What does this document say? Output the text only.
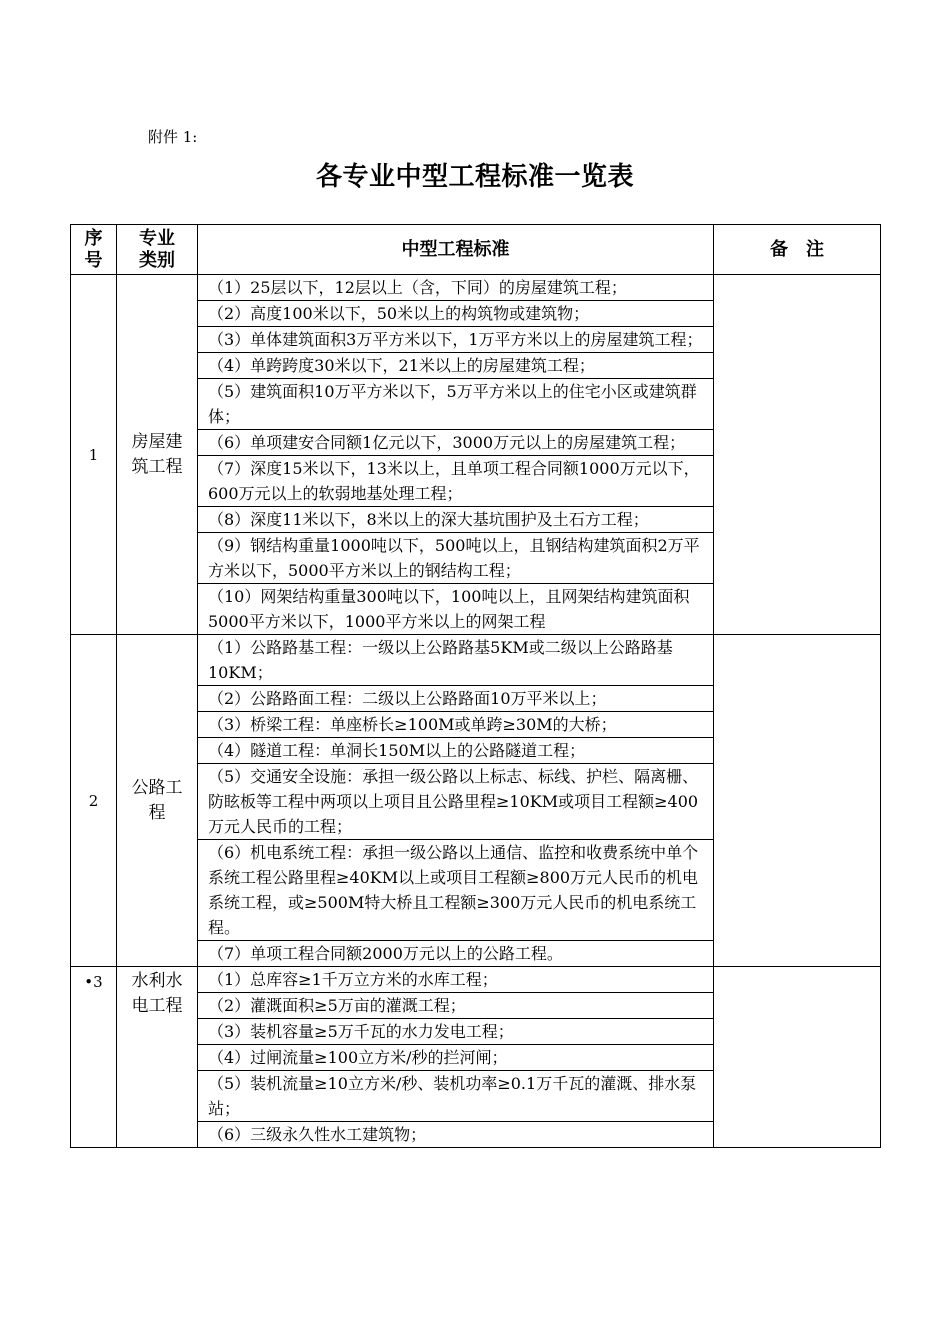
附件 1:
各专业中型工程标准一览表
序号	专业类别	中型工程标准	备　注
1	房屋建筑工程	（1）25层以下，12层以上（含，下同）的房屋建筑工程；	
		（2）高度100米以下，50米以上的构筑物或建筑物；	
		（3）单体建筑面积3万平方米以下，1万平方米以上的房屋建筑工程；	
		（4）单跨跨度30米以下，21米以上的房屋建筑工程；	
		（5）建筑面积10万平方米以下，5万平方米以上的住宅小区或建筑群体；	
		（6）单项建安合同额1亿元以下，3000万元以上的房屋建筑工程；	
		（7）深度15米以下，13米以上，且单项工程合同额1000万元以下，600万元以上的软弱地基处理工程；	
		（8）深度11米以下，8米以上的深大基坑围护及土石方工程；	
		（9）钢结构重量1000吨以下，500吨以上，且钢结构建筑面积2万平方米以下，5000平方米以上的钢结构工程；	
		（10）网架结构重量300吨以下，100吨以上，且网架结构建筑面积5000平方米以下，1000平方米以上的网架工程	
2	公路工程	（1）公路路基工程：一级以上公路路基5KM或二级以上公路路基10KM；	
		（2）公路路面工程：二级以上公路路面10万平米以上；	
		（3）桥梁工程：单座桥长≥100M或单跨≥30M的大桥；	
		（4）隧道工程：单洞长150M以上的公路隧道工程；	
		（5）交通安全设施：承担一级公路以上标志、标线、护栏、隔离栅、防眩板等工程中两项以上项目且公路里程≥10KM或项目工程额≥400万元人民币的工程；	
		（6）机电系统工程：承担一级公路以上通信、监控和收费系统中单个系统工程公路里程≥40KM以上或项目工程额≥800万元人民币的机电系统工程，或≥500M特大桥且工程额≥300万元人民币的机电系统工程。	
		（7）单项工程合同额2000万元以上的公路工程。	
•3	水利水电工程	（1）总库容≥1千万立方米的水库工程；	
		（2）灌溉面积≥5万亩的灌溉工程；	
		（3）装机容量≥5万千瓦的水力发电工程；	
		（4）过闸流量≥100立方米/秒的拦河闸；	
		（5）装机流量≥10立方米/秒、装机功率≥0.1万千瓦的灌溉、排水泵站；	
		（6）三级永久性水工建筑物；	
